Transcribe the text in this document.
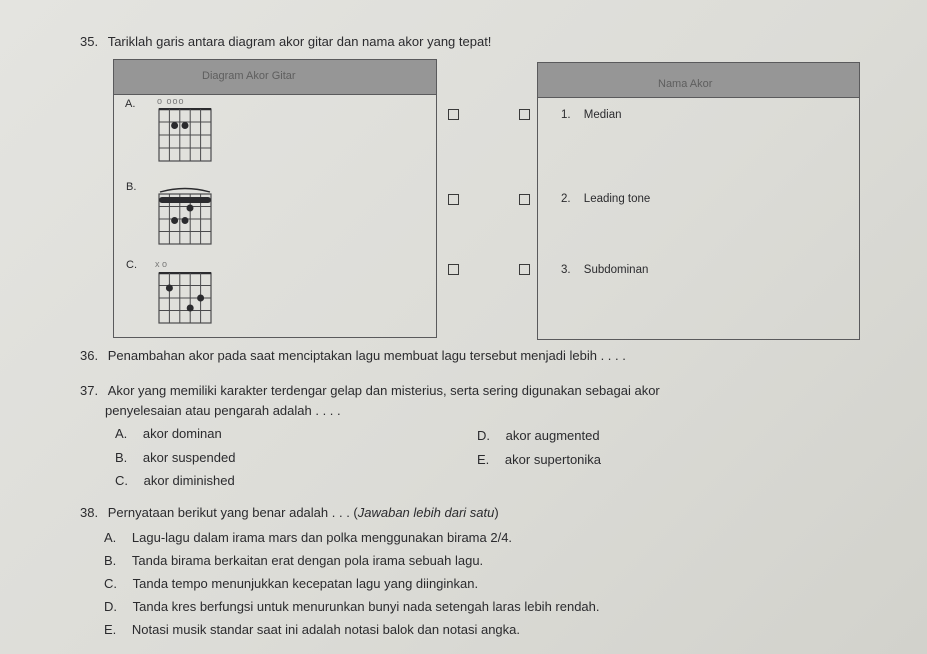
35. Tariklah garis antara diagram akor gitar dan nama akor yang tepat!
Diagram Akor Gitar
Nama Akor
A. o ooo
B.
C. x o
1. Median
2. Leading tone
3. Subdominan
36. Penambahan akor pada saat menciptakan lagu membuat lagu tersebut menjadi lebih . . . .
37. Akor yang memiliki karakter terdengar gelap dan misterius, serta sering digunakan sebagai akor
penyelesaian atau pengarah adalah . . . .
A. akor dominan
B. akor suspended
C. akor diminished
D. akor augmented
E. akor supertonika
38. Pernyataan berikut yang benar adalah . . . (Jawaban lebih dari satu)
A. Lagu-lagu dalam irama mars dan polka menggunakan birama 2/4.
B. Tanda birama berkaitan erat dengan pola irama sebuah lagu.
C. Tanda tempo menunjukkan kecepatan lagu yang diinginkan.
D. Tanda kres berfungsi untuk menurunkan bunyi nada setengah laras lebih rendah.
E. Notasi musik standar saat ini adalah notasi balok dan notasi angka.
